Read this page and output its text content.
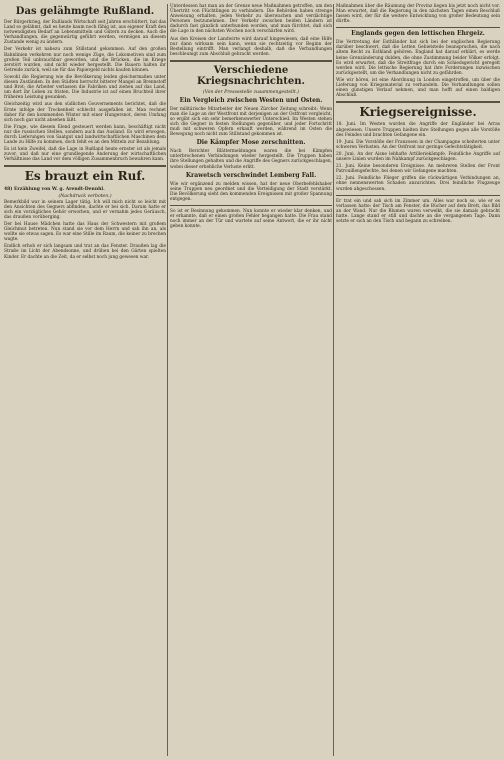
Das gelähmgte Rußland.

Der Bürgerkrieg, der Rußlands Wirtschaft seit Jahren erschüttert, hat das Land so gelähmt, daß es heute kaum noch fähig ist, aus eigener Kraft den notwendigsten Bedarf an Lebensmitteln und Gütern zu decken. Auch die Verhandlungen, die gegenwärtig geführt werden, vermögen an diesem Zustande wenig zu ändern.

Der Verkehr ist nahezu zum Stillstand gekommen. Auf den großen Bahnlinien verkehren nur noch wenige Züge, die Lokomotiven sind zum großen Teil unbrauchbar geworden, und die Brücken, die im Kriege zerstört wurden, sind nicht wieder hergestellt. Die Bauern halten ihr Getreide zurück, weil sie für das Papiergeld nichts kaufen können.

Sowohl die Regierung wie die Bevölkerung leiden gleichermaßen unter diesen Zuständen. In den Städten herrscht bitterer Mangel an Brennstoff und Brot; die Arbeiter verlassen die Fabriken und ziehen auf das Land, um dort ihr Leben zu fristen. Die Industrie ist auf einen Bruchteil ihrer früheren Leistung gesunken.

Gleichzeitig wird aus den südlichen Gouvernements berichtet, daß die Ernte infolge der Trockenheit schlecht ausgefallen ist. Man rechnet daher für den kommenden Winter mit einer Hungersnot, deren Umfang sich noch gar nicht absehen läßt.

Die Frage, wie diesem Elend gesteuert werden kann, beschäftigt nicht nur die russischen Stellen, sondern auch das Ausland. Es wird erwogen, durch Lieferungen von Saatgut und landwirtschaftlichen Maschinen dem Lande zu Hilfe zu kommen, doch fehlt es an den Mitteln zur Bezahlung.

Es ist kein Zweifel, daß die Lage in Rußland heute ernster ist als jemals zuvor, und daß nur eine grundlegende Änderung der wirtschaftlichen Verhältnisse das Land vor dem völligen Zusammenbruch bewahren kann.

Es brauzt ein Ruf.
48) Erzählung von W. g. Arendt-Dennhl.
(Nachdruck verboten.)

Bemerkbild war in seinem Lager tätig. Ich will mich nicht so leicht mit den Ansichten des Gegners abfinden, dachte er bei sich. Darum hatte er sich ein vorzügliches Gehör erworben, und er vernahm jedes Geräusch, das draußen vorüberging.

Der bei Hause Mädchen hatte das Haus der Schwestern mit großem Gleichmut betreten. Nun stand sie vor dem Herrn und sah ihn an, als wollte sie etwas sagen. Es war eine Stille im Raum, die keiner zu brechen wagte.

Endlich erhob er sich langsam und trat an das Fenster. Draußen lag die Straße im Licht der Abendsonne, und drüben bei den Gärten spielten Kinder. Er dachte an die Zeit, da er selbst noch jung gewesen war.

Unterdessen hat man an der Grenze neue Maßnahmen getroffen, um den Übertritt von Flüchtlingen zu verhindern. Die Behörden haben strenge Anweisung erhalten, jeden Verkehr zu überwachen und verdächtige Personen festzunehmen. Der Verkehr zwischen beiden Ländern ist dadurch fast gänzlich unterbunden worden, und man fürchtet, daß sich die Lage in den nächsten Wochen noch verschärfen wird.

Aus den Kreisen der Landwirte wird darauf hingewiesen, daß eine Hilfe nur dann wirksam sein kann, wenn sie rechtzeitig vor Beginn der Bestellung eintrifft. Man verlangt deshalb, daß die Verhandlungen beschleunigt zum Abschluß gebracht werden.

Verschiedene Kriegsnachrichten.
(Von der Pressestelle zusammengestellt.)
Ein Vergleich zwischen Westen und Osten.

Der militärische Mitarbeiter der Neuen Zürcher Zeitung schreibt: Wenn man die Lage an der Westfront mit derjenigen an der Ostfront vergleicht, so ergibt sich ein sehr bemerkenswerter Unterschied. Im Westen stehen sich die Gegner in festen Stellungen gegenüber, und jeder Fortschritt muß mit schweren Opfern erkauft werden, während im Osten die Bewegung noch nicht zum Stillstand gekommen ist.

Die Kämpfer Mose zerschnitten.

Nach Berichter Blättermeldungen waren die bei Kämpfen unterbrochenen Verbindungen wieder hergestellt. Die Truppen haben ihre Stellungen gehalten und die Angriffe des Gegners zurückgeschlagen, wobei dieser erhebliche Verluste erlitt.

Krawetsch verschwindet Lemberg Fall.

Wie wir ergänzend zu melden wissen, hat der neue Oberbefehlshaber seine Truppen neu geordnet und die Verteidigung der Stadt verstärkt. Die Bevölkerung sieht den kommenden Ereignissen mit großer Spannung entgegen.

So ist er Besinnung gekommen. Nun konnte er wieder klar denken, und er erkannte, daß er einen großen Fehler begangen hatte. Die Frau stand noch immer an der Tür und wartete auf seine Antwort, die er ihr nicht geben konnte.

Maßnahmen über die Räumung der Provinz liegen bis jetzt noch nicht vor. Man erwartet, daß die Regierung in den nächsten Tagen einen Beschluß fassen wird, der für die weitere Entwicklung von großer Bedeutung sein dürfte.

Englands gegen den lettischen Ehrgeiz.

Die Vertretung der Esthländer hat sich bei der englischen Regierung darüber beschwert, daß die Letten Gebietsteile beanspruchen, die nach altem Recht zu Esthland gehören. England hat darauf erklärt, es werde keine Grenzänderung dulden, die ohne Zustimmung beider Völker erfolgt. Es wird erwartet, daß die Streitfrage durch ein Schiedsgericht geregelt werden wird. Die lettische Regierung hat ihre Forderungen inzwischen zurückgestellt, um die Verhandlungen nicht zu gefährden.

Wie wir hören, ist eine Abordnung in London eingetroffen, um über die Lieferung von Kriegsmaterial zu verhandeln. Die Verhandlungen sollen einen günstigen Verlauf nehmen, und man hofft auf einen baldigen Abschluß.

Kriegsereignisse.

18. Juni. Im Westen wurden die Angriffe der Engländer bei Arras abgewiesen. Unsere Truppen hielten ihre Stellungen gegen alle Vorstöße des Feindes und brachten Gefangene ein.

19. Juni. Die Vorstöße der Franzosen in der Champagne scheiterten unter schweren Verlusten. An der Ostfront nur geringe Gefechtstätigkeit.

20. Juni. An der Aisne lebhafte Artilleriekämpfe. Feindliche Angriffe auf unsere Linien wurden im Nahkampf zurückgeschlagen.

21. Juni. Keine besonderen Ereignisse. An mehreren Stellen der Front Patrouillengefechte, bei denen wir Gefangene machten.

22. Juni. Feindliche Flieger griffen die rückwärtigen Verbindungen an, ohne nennenswerten Schaden anzurichten. Drei feindliche Flugzeuge wurden abgeschossen.

Er trat ein und sah sich im Zimmer um. Alles war noch so, wie er es verlassen hatte: der Tisch am Fenster, die Bücher auf dem Brett, das Bild an der Wand. Nur die Blumen waren verwelkt, die sie damals gebracht hatte. Lange stand er still und dachte an die vergangenen Tage. Dann setzte er sich an den Tisch und begann zu schreiben.
